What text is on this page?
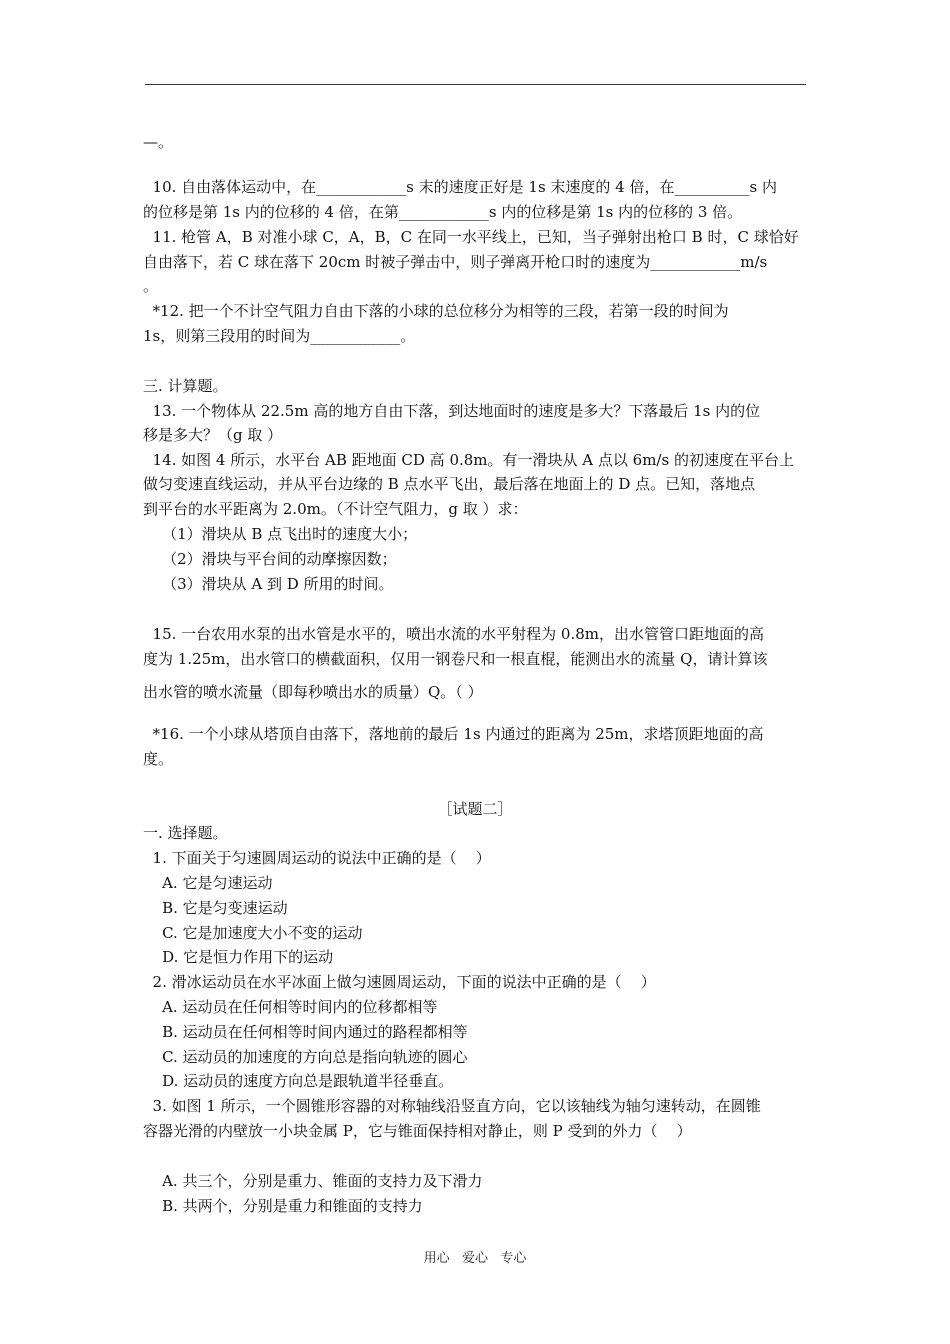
—。
10. 自由落体运动中，在____________s 末的速度正好是 1s 末速度的 4 倍，在__________s 内
的位移是第 1s 内的位移的 4 倍，在第____________s 内的位移是第 1s 内的位移的 3 倍。
11. 枪管 A，B 对准小球 C，A，B，C 在同一水平线上，已知，当子弹射出枪口 B 时，C 球恰好
自由落下，若 C 球在落下 20cm 时被子弹击中，则子弹离开枪口时的速度为____________m/s
。
*12. 把一个不计空气阻力自由下落的小球的总位移分为相等的三段，若第一段的时间为
1s，则第三段用的时间为____________。
三. 计算题。
13. 一个物体从 22.5m 高的地方自由下落，到达地面时的速度是多大？下落最后 1s 内的位
移是多大？（g 取 ）
14. 如图 4 所示，水平台 AB 距地面 CD 高 0.8m。有一滑块从 A 点以 6m/s 的初速度在平台上
做匀变速直线运动，并从平台边缘的 B 点水平飞出，最后落在地面上的 D 点。已知，落地点
到平台的水平距离为 2.0m。（不计空气阻力，g 取 ）求：
（1）滑块从 B 点飞出时的速度大小；
（2）滑块与平台间的动摩擦因数；
（3）滑块从 A 到 D 所用的时间。
15. 一台农用水泵的出水管是水平的，喷出水流的水平射程为 0.8m，出水管管口距地面的高
度为 1.25m，出水管口的横截面积，仅用一钢卷尺和一根直棍，能测出水的流量 Q，请计算该
出水管的喷水流量（即每秒喷出水的质量）Q。（ ）
*16. 一个小球从塔顶自由落下，落地前的最后 1s 内通过的距离为 25m，求塔顶距地面的高
度。
［试题二］
一. 选择题。
1. 下面关于匀速圆周运动的说法中正确的是（    ）
A. 它是匀速运动
B. 它是匀变速运动
C. 它是加速度大小不变的运动
D. 它是恒力作用下的运动
2. 滑冰运动员在水平冰面上做匀速圆周运动，下面的说法中正确的是（    ）
A. 运动员在任何相等时间内的位移都相等
B. 运动员在任何相等时间内通过的路程都相等
C. 运动员的加速度的方向总是指向轨迹的圆心
D. 运动员的速度方向总是跟轨道半径垂直。
3. 如图 1 所示，一个圆锥形容器的对称轴线沿竖直方向，它以该轴线为轴匀速转动，在圆锥
容器光滑的内壁放一小块金属 P，它与锥面保持相对静止，则 P 受到的外力（    ）
A. 共三个，分别是重力、锥面的支持力及下滑力
B. 共两个，分别是重力和锥面的支持力
用心   爱心   专心
